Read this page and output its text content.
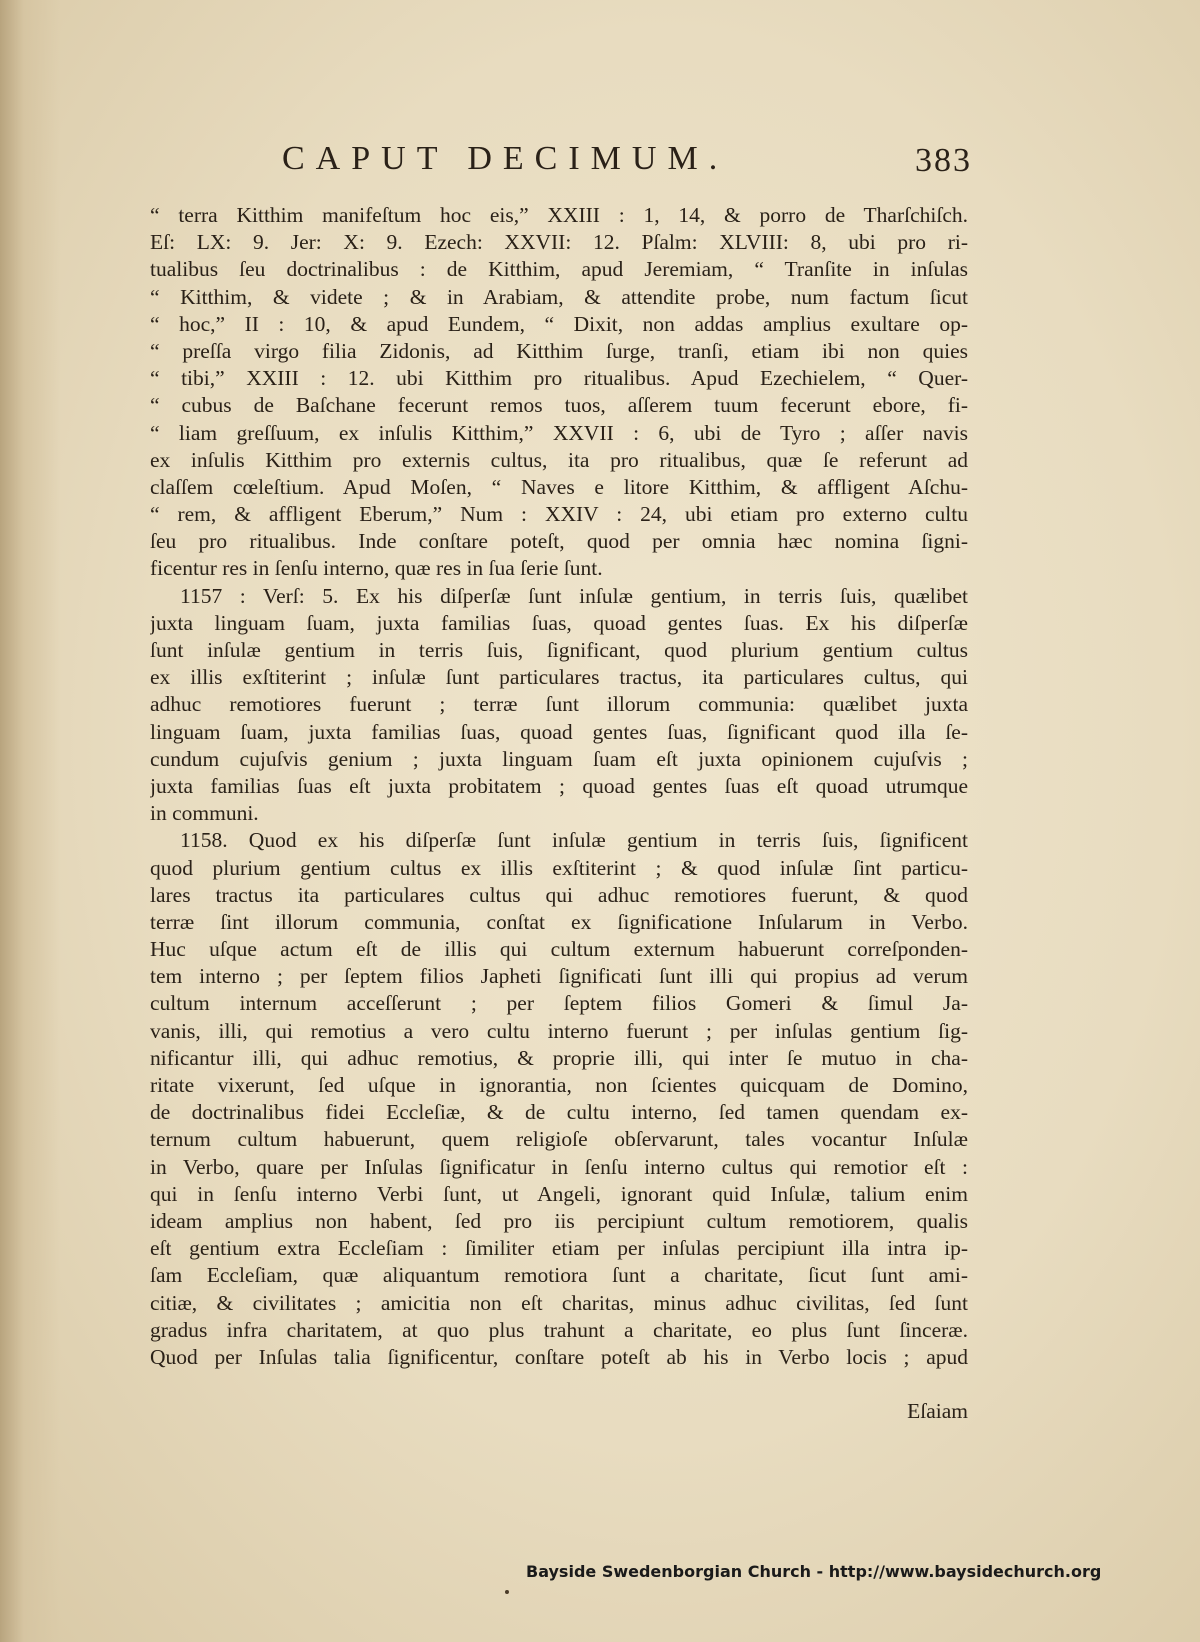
CAPUT DECIMUM.	383
“ terra Kitthim manifeſtum hoc eis,” XXIII : 1, 14, & porro de Tharſchiſch.
Eſ: LX: 9. Jer: X: 9. Ezech: XXVII: 12. Pſalm: XLVIII: 8, ubi pro ri-
tualibus ſeu doctrinalibus : de Kitthim, apud Jeremiam, “ Tranſite in inſulas
“ Kitthim, & videte ; & in Arabiam, & attendite probe, num factum ſicut
“ hoc,” II : 10, & apud Eundem, “ Dixit, non addas amplius exultare op-
“ preſſa virgo filia Zidonis, ad Kitthim ſurge, tranſi, etiam ibi non quies
“ tibi,” XXIII : 12. ubi Kitthim pro ritualibus. Apud Ezechielem, “ Quer-
“ cubus de Baſchane fecerunt remos tuos, aſſerem tuum fecerunt ebore, fi-
“ liam greſſuum, ex inſulis Kitthim,” XXVII : 6, ubi de Tyro ; aſſer navis
ex inſulis Kitthim pro externis cultus, ita pro ritualibus, quæ ſe referunt ad
claſſem cœleſtium. Apud Moſen, “ Naves e litore Kitthim, & affligent Aſchu-
“ rem, & affligent Eberum,” Num : XXIV : 24, ubi etiam pro externo cultu
ſeu pro ritualibus. Inde conſtare poteſt, quod per omnia hæc nomina ſigni-
ficentur res in ſenſu interno, quæ res in ſua ſerie ſunt.
1157 : Verſ: 5. Ex his diſperſæ ſunt inſulæ gentium, in terris ſuis, quælibet
juxta linguam ſuam, juxta familias ſuas, quoad gentes ſuas. Ex his diſperſæ
ſunt inſulæ gentium in terris ſuis, ſignificant, quod plurium gentium cultus
ex illis exſtiterint ; inſulæ ſunt particulares tractus, ita particulares cultus, qui
adhuc remotiores fuerunt ; terræ ſunt illorum communia: quælibet juxta
linguam ſuam, juxta familias ſuas, quoad gentes ſuas, ſignificant quod illa ſe-
cundum cujuſvis genium ; juxta linguam ſuam eſt juxta opinionem cujuſvis ;
juxta familias ſuas eſt juxta probitatem ; quoad gentes ſuas eſt quoad utrumque
in communi.
1158. Quod ex his diſperſæ ſunt inſulæ gentium in terris ſuis, ſignificent
quod plurium gentium cultus ex illis exſtiterint ; & quod inſulæ ſint particu-
lares tractus ita particulares cultus qui adhuc remotiores fuerunt, & quod
terræ ſint illorum communia, conſtat ex ſignificatione Inſularum in Verbo.
Huc uſque actum eſt de illis qui cultum externum habuerunt correſponden-
tem interno ; per ſeptem filios Japheti ſignificati ſunt illi qui propius ad verum
cultum internum acceſſerunt ; per ſeptem filios Gomeri & ſimul Ja-
vanis, illi, qui remotius a vero cultu interno fuerunt ; per inſulas gentium ſig-
nificantur illi, qui adhuc remotius, & proprie illi, qui inter ſe mutuo in cha-
ritate vixerunt, ſed uſque in ignorantia, non ſcientes quicquam de Domino,
de doctrinalibus fidei Eccleſiæ, & de cultu interno, ſed tamen quendam ex-
ternum cultum habuerunt, quem religioſe obſervarunt, tales vocantur Inſulæ
in Verbo, quare per Inſulas ſignificatur in ſenſu interno cultus qui remotior eſt :
qui in ſenſu interno Verbi ſunt, ut Angeli, ignorant quid Inſulæ, talium enim
ideam amplius non habent, ſed pro iis percipiunt cultum remotiorem, qualis
eſt gentium extra Eccleſiam : ſimiliter etiam per inſulas percipiunt illa intra ip-
ſam Eccleſiam, quæ aliquantum remotiora ſunt a charitate, ſicut ſunt ami-
citiæ, & civilitates ; amicitia non eſt charitas, minus adhuc civilitas, ſed ſunt
gradus infra charitatem, at quo plus trahunt a charitate, eo plus ſunt ſinceræ.
Quod per Inſulas talia ſignificentur, conſtare poteſt ab his in Verbo locis ; apud
Eſaiam
Bayside Swedenborgian Church - http://www.baysidechurch.org
